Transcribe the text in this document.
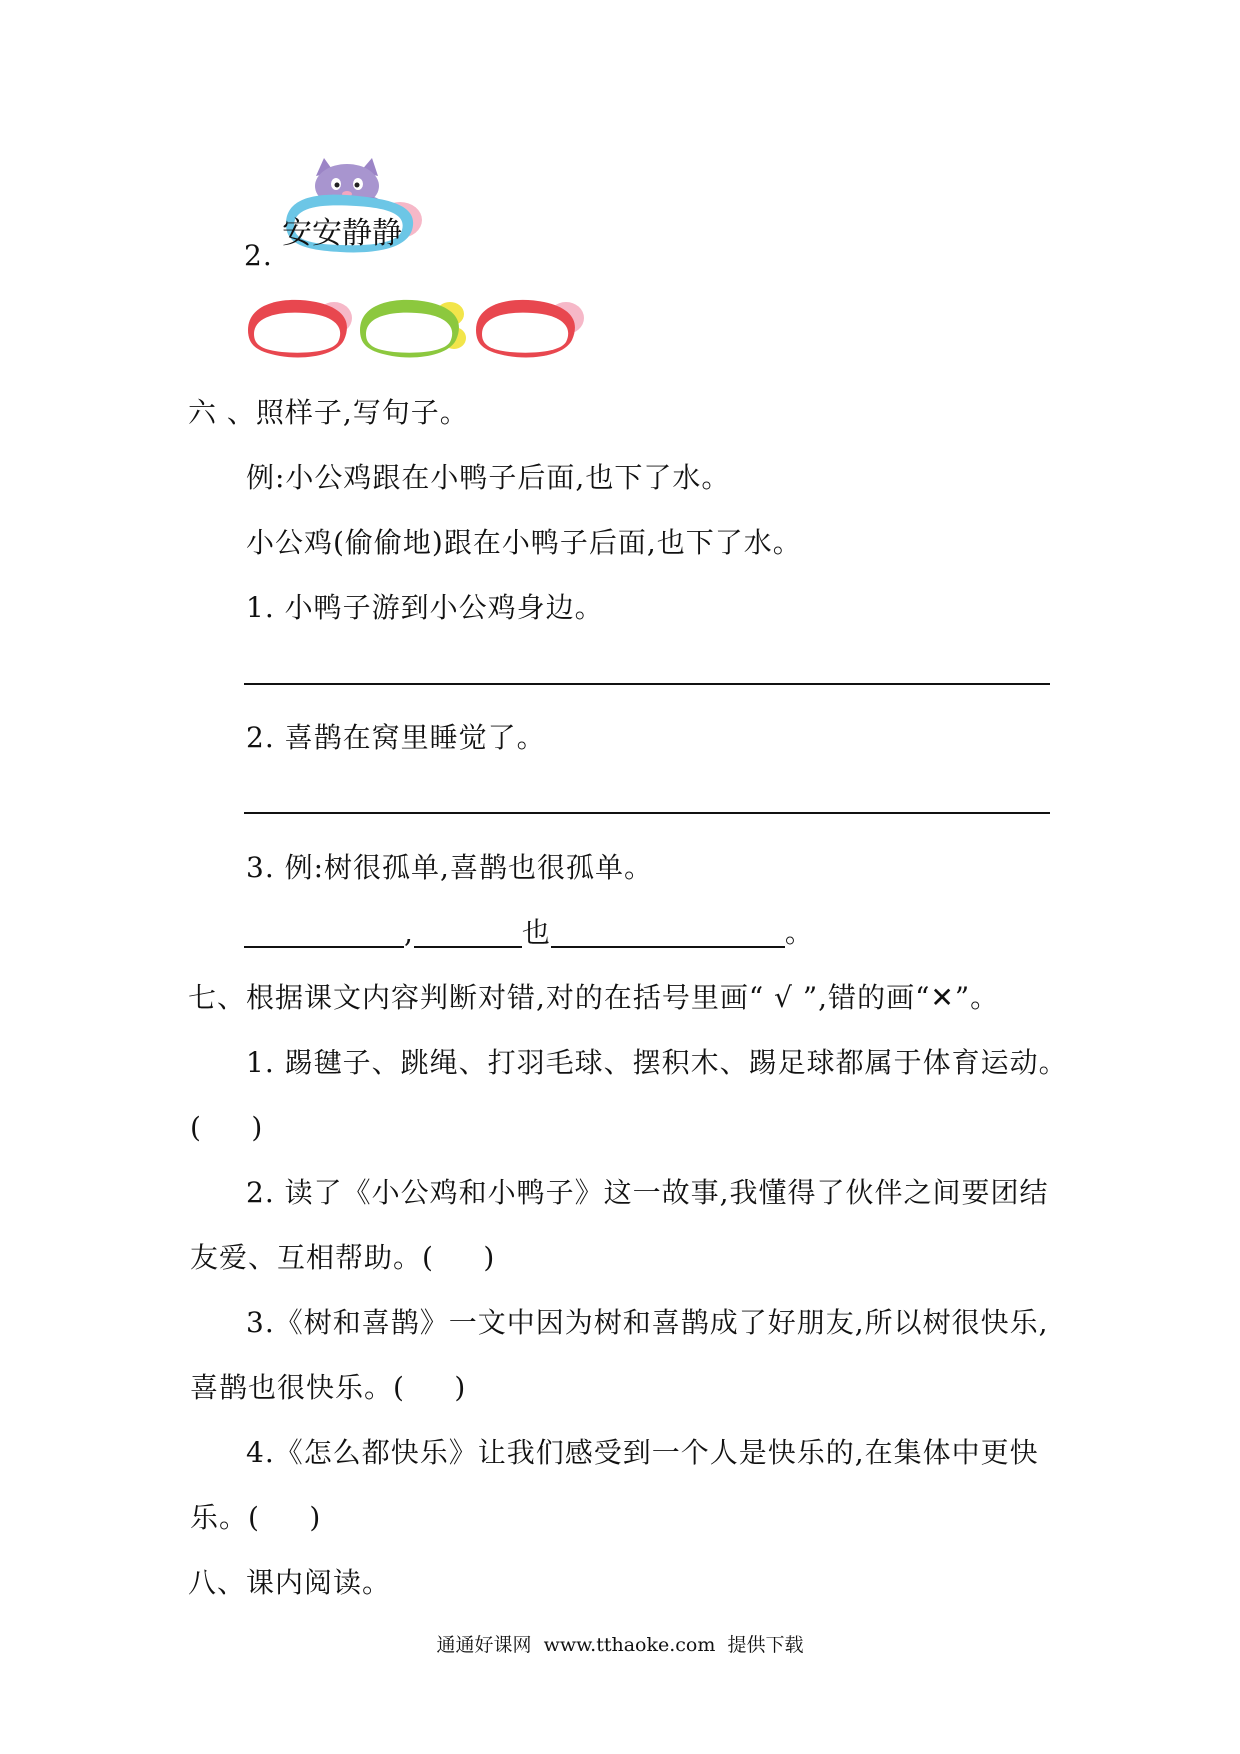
2.
安安静静
六 、照样子,写句子。
例:小公鸡跟在小鸭子后面,也下了水。
小公鸡(偷偷地)跟在小鸭子后面,也下了水。
1. 小鸭子游到小公鸡身边。
2. 喜鹊在窝里睡觉了。
3. 例:树很孤单,喜鹊也很孤单。
,	也	。
七、根据课文内容判断对错,对的在括号里画“ √ ”,错的画“✕”。
1. 踢毽子、跳绳、打羽毛球、摆积木、踢足球都属于体育运动。
(     )
2. 读了《小公鸡和小鸭子》这一故事,我懂得了伙伴之间要团结
友爱、互相帮助。(     )
3.《树和喜鹊》一文中因为树和喜鹊成了好朋友,所以树很快乐,
喜鹊也很快乐。(     )
4.《怎么都快乐》让我们感受到一个人是快乐的,在集体中更快
乐。(     )
八、课内阅读。
通通好课网  www.tthaoke.com  提供下载
